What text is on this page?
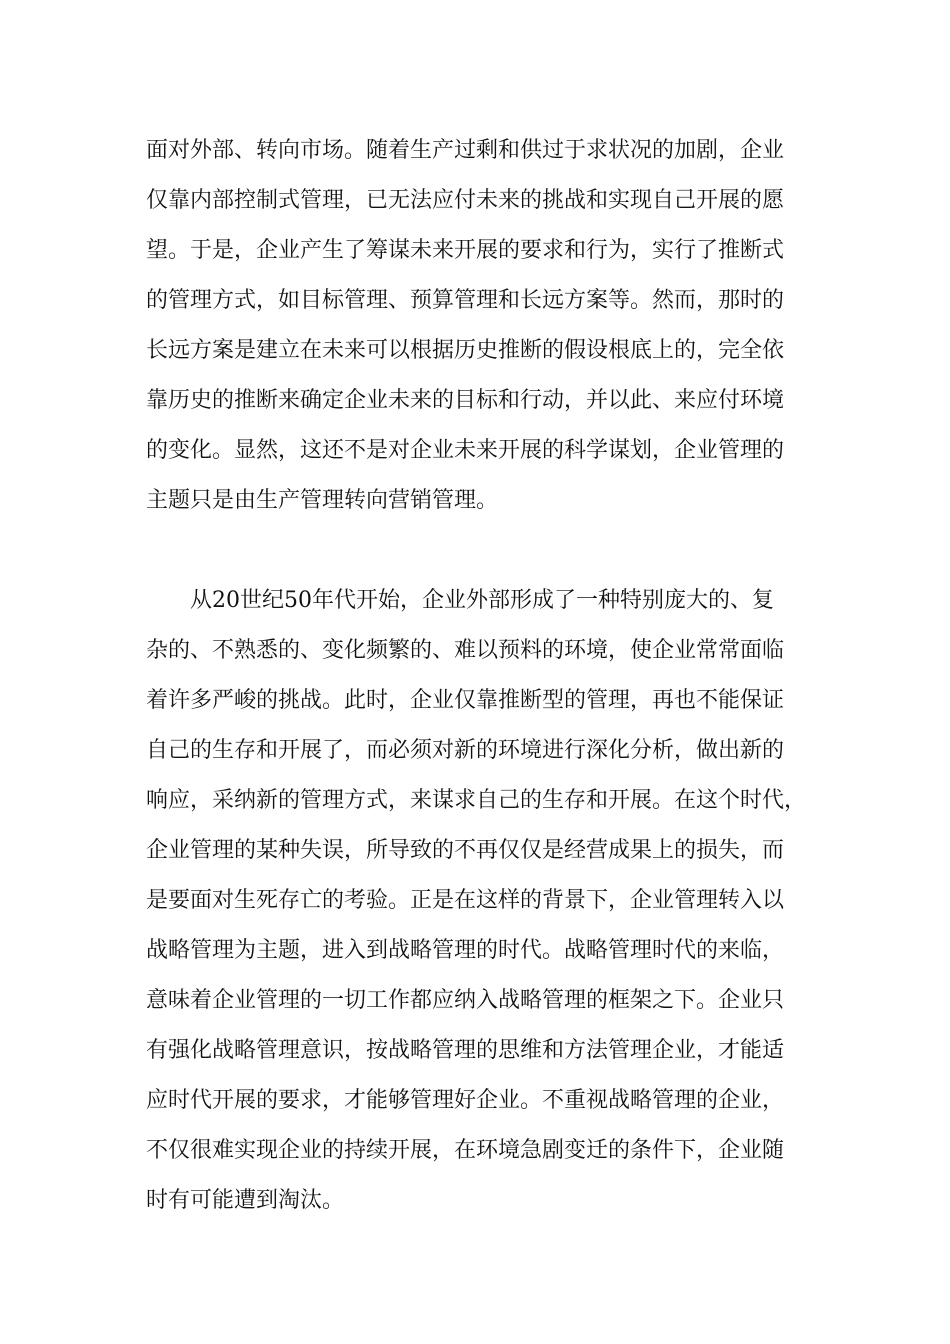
面对外部、转向市场。随着生产过剩和供过于求状况的加剧，企业
仅靠内部控制式管理，已无法应付未来的挑战和实现自己开展的愿
望。于是，企业产生了筹谋未来开展的要求和行为，实行了推断式
的管理方式，如目标管理、预算管理和长远方案等。然而，那时的
长远方案是建立在未来可以根据历史推断的假设根底上的，完全依
靠历史的推断来确定企业未来的目标和行动，并以此、来应付环境
的变化。显然，这还不是对企业未来开展的科学谋划，企业管理的
主题只是由生产管理转向营销管理。

　　从20世纪50年代开始，企业外部形成了一种特别庞大的、复
杂的、不熟悉的、变化频繁的、难以预料的环境，使企业常常面临
着许多严峻的挑战。此时，企业仅靠推断型的管理，再也不能保证
自己的生存和开展了，而必须对新的环境进行深化分析，做出新的
响应，采纳新的管理方式，来谋求自己的生存和开展。在这个时代，
企业管理的某种失误，所导致的不再仅仅是经营成果上的损失，而
是要面对生死存亡的考验。正是在这样的背景下，企业管理转入以
战略管理为主题，进入到战略管理的时代。战略管理时代的来临，
意味着企业管理的一切工作都应纳入战略管理的框架之下。企业只
有强化战略管理意识，按战略管理的思维和方法管理企业，才能适
应时代开展的要求，才能够管理好企业。不重视战略管理的企业，
不仅很难实现企业的持续开展，在环境急剧变迁的条件下，企业随
时有可能遭到淘汰。
